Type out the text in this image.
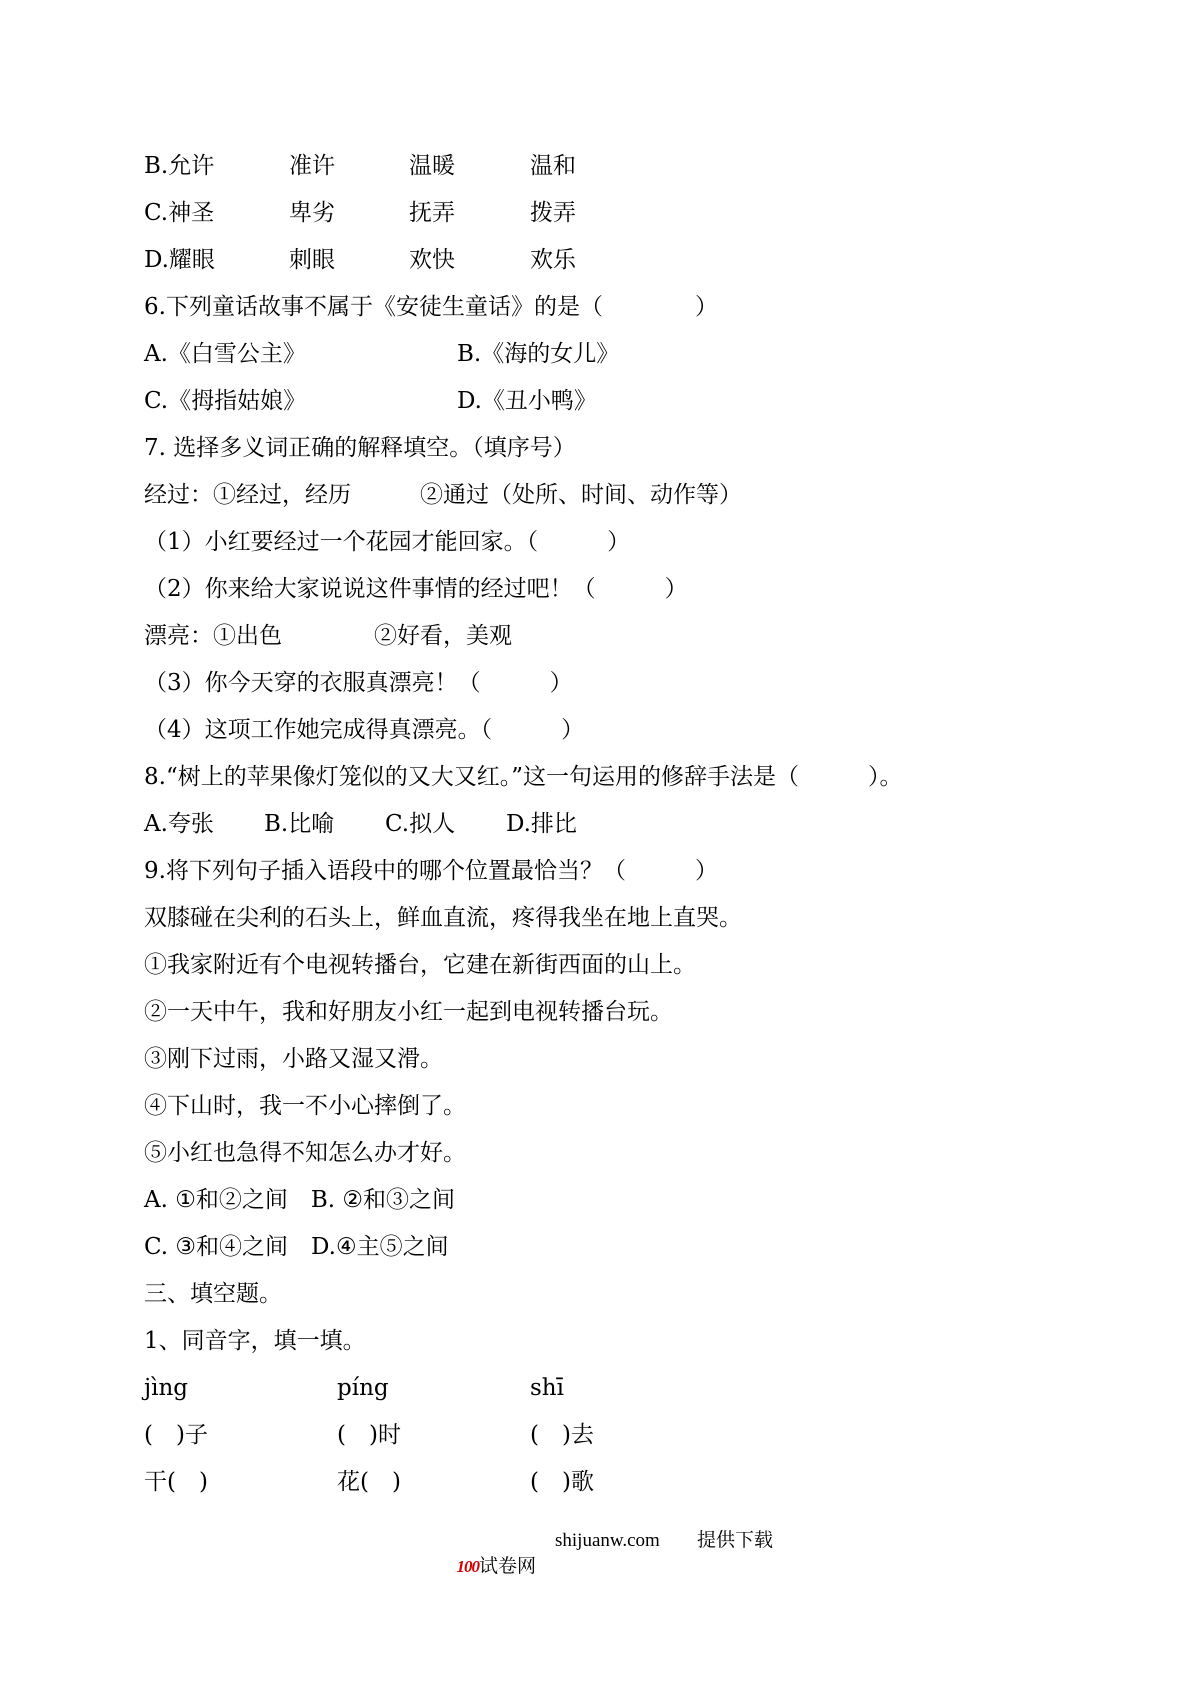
B.允许	准许	温暖	温和
C.神圣	卑劣	抚弄	拨弄
D.耀眼	刺眼	欢快	欢乐
6.下列童话故事不属于《安徒生童话》的是（　　　　）
A.《白雪公主》	B.《海的女儿》
C.《拇指姑娘》	D.《丑小鸭》
7. 选择多义词正确的解释填空。（填序号）
经过：①经过，经历　　　②通过（处所、时间、动作等）
（1）小红要经过一个花园才能回家。（　　　）
（2）你来给大家说说这件事情的经过吧！（　　　）
漂亮：①出色　　　　②好看，美观
（3）你今天穿的衣服真漂亮！（　　　）
（4）这项工作她完成得真漂亮。（　　　）
8.“树上的苹果像灯笼似的又大又红。”这一句运用的修辞手法是（　　　）。
A.夸张 B.比喻 C.拟人 D.排比
9.将下列句子插入语段中的哪个位置最恰当？（　　　）
双膝碰在尖利的石头上，鲜血直流，疼得我坐在地上直哭。
①我家附近有个电视转播台，它建在新街西面的山上。
②一天中午，我和好朋友小红一起到电视转播台玩。
③刚下过雨，小路又湿又滑。
④下山时，我一不小心摔倒了。
⑤小红也急得不知怎么办才好。
A. ①和②之间　B. ②和③之间
C. ③和④之间　D.④主⑤之间
三、填空题。
1、同音字，填一填。
jìng	píng	shī
(　)子	(　)时	(　)去
干(　)	花(　)	(　)歌

100试卷网

shijuanw.com 提供下载
